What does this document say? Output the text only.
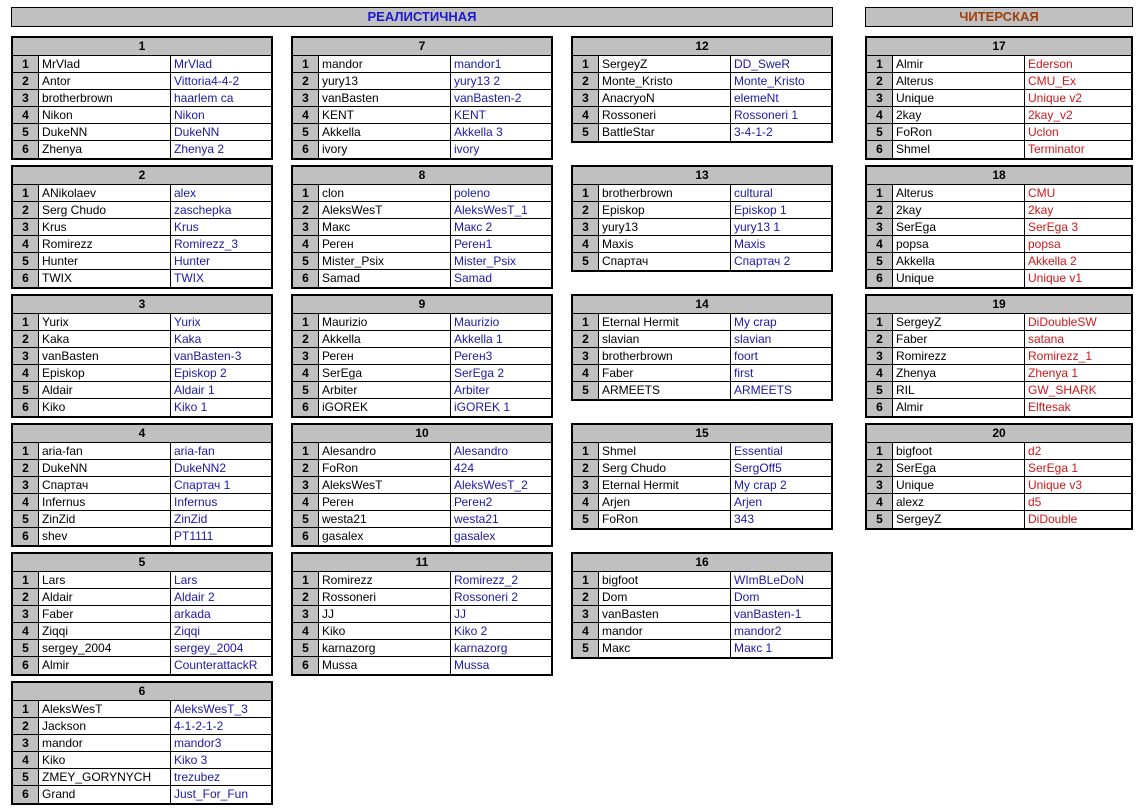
РЕАЛИСТИЧНАЯ	ЧИТЕРСКАЯ
1
1	MrVlad	MrVlad
2	Antor	Vittoria4-4-2
3	brotherbrown	haarlem ca
4	Nikon	Nikon
5	DukeNN	DukeNN
6	Zhenya	Zhenya 2
2
1	ANikolaev	alex
2	Serg Chudo	zaschepka
3	Krus	Krus
4	Romirezz	Romirezz_3
5	Hunter	Hunter
6	TWIX	TWIX
3
1	Yurix	Yurix
2	Kaka	Kaka
3	vanBasten	vanBasten-3
4	Episkop	Episkop 2
5	Aldair	Aldair 1
6	Kiko	Kiko 1
4
1	aria-fan	aria-fan
2	DukeNN	DukeNN2
3	Спартач	Спартач 1
4	Infernus	Infernus
5	ZinZid	ZinZid
6	shev	PT1111
5
1	Lars	Lars
2	Aldair	Aldair 2
3	Faber	arkada
4	Ziqqi	Ziqqi
5	sergey_2004	sergey_2004
6	Almir	CounterattackR
6
1	AleksWesT	AleksWesT_3
2	Jackson	4-1-2-1-2
3	mandor	mandor3
4	Kiko	Kiko 3
5	ZMEY_GORYNYCH	trezubez
6	Grand	Just_For_Fun
7
1	mandor	mandor1
2	yury13	yury13 2
3	vanBasten	vanBasten-2
4	KENT	KENT
5	Akkella	Akkella 3
6	ivory	ivory
8
1	clon	poleno
2	AleksWesT	AleksWesT_1
3	Макс	Макс 2
4	Реген	Реген1
5	Mister_Psix	Mister_Psix
6	Samad	Samad
9
1	Maurizio	Maurizio
2	Akkella	Akkella 1
3	Реген	Реген3
4	SerEga	SerEga 2
5	Arbiter	Arbiter
6	iGOREK	iGOREK 1
10
1	Alesandro	Alesandro
2	FoRon	424
3	AleksWesT	AleksWesT_2
4	Реген	Реген2
5	westa21	westa21
6	gasalex	gasalex
11
1	Romirezz	Romirezz_2
2	Rossoneri	Rossoneri 2
3	JJ	JJ
4	Kiko	Kiko 2
5	karnazorg	karnazorg
6	Mussa	Mussa
12
1	SergeyZ	DD_SweR
2	Monte_Kristo	Monte_Kristo
3	AnacryoN	elemeNt
4	Rossoneri	Rossoneri 1
5	BattleStar	3-4-1-2
13
1	brotherbrown	cultural
2	Episkop	Episkop 1
3	yury13	yury13 1
4	Maxis	Maxis
5	Спартач	Спартач 2
14
1	Eternal Hermit	My crap
2	slavian	slavian
3	brotherbrown	foort
4	Faber	first
5	ARMEETS	ARMEETS
15
1	Shmel	Essential
2	Serg Chudo	SergOff5
3	Eternal Hermit	My crap 2
4	Arjen	Arjen
5	FoRon	343
16
1	bigfoot	WImBLeDoN
2	Dom	Dom
3	vanBasten	vanBasten-1
4	mandor	mandor2
5	Макс	Макс 1
17
1	Almir	Ederson
2	Alterus	CMU_Ex
3	Unique	Unique v2
4	2kay	2kay_v2
5	FoRon	Uclon
6	Shmel	Terminator
18
1	Alterus	CMU
2	2kay	2kay
3	SerEga	SerEga 3
4	popsa	popsa
5	Akkella	Akkella 2
6	Unique	Unique v1
19
1	SergeyZ	DiDoubleSW
2	Faber	satana
3	Romirezz	Romirezz_1
4	Zhenya	Zhenya 1
5	RIL	GW_SHARK
6	Almir	Elftesak
20
1	bigfoot	d2
2	SerEga	SerEga 1
3	Unique	Unique v3
4	alexz	d5
5	SergeyZ	DiDouble
